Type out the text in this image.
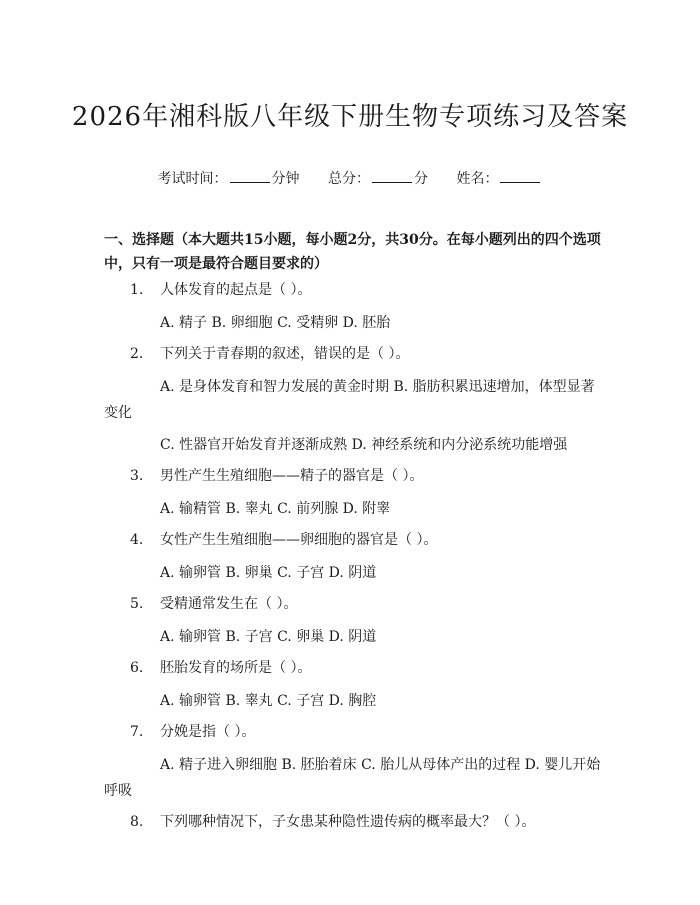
2026年湘科版八年级下册生物专项练习及答案
考试时间：	分钟 总分：	分 姓名：
一、选择题（本大题共15小题，每小题2分，共30分。在每小题列出的四个选项中，只有一项是最符合题目要求的）
1. 人体发育的起点是（ ）。
A. 精子 B. 卵细胞 C. 受精卵 D. 胚胎
2. 下列关于青春期的叙述，错误的是（ ）。
A. 是身体发育和智力发展的黄金时期 B. 脂肪积累迅速增加，体型显著变化
C. 性器官开始发育并逐渐成熟 D. 神经系统和内分泌系统功能增强
3. 男性产生生殖细胞——精子的器官是（ ）。
A. 输精管 B. 睾丸 C. 前列腺 D. 附睾
4. 女性产生生殖细胞——卵细胞的器官是（ ）。
A. 输卵管 B. 卵巢 C. 子宫 D. 阴道
5. 受精通常发生在（ ）。
A. 输卵管 B. 子宫 C. 卵巢 D. 阴道
6. 胚胎发育的场所是（ ）。
A. 输卵管 B. 睾丸 C. 子宫 D. 胸腔
7. 分娩是指（ ）。
A. 精子进入卵细胞 B. 胚胎着床 C. 胎儿从母体产出的过程 D. 婴儿开始呼吸
8. 下列哪种情况下，子女患某种隐性遗传病的概率最大？（ ）。
